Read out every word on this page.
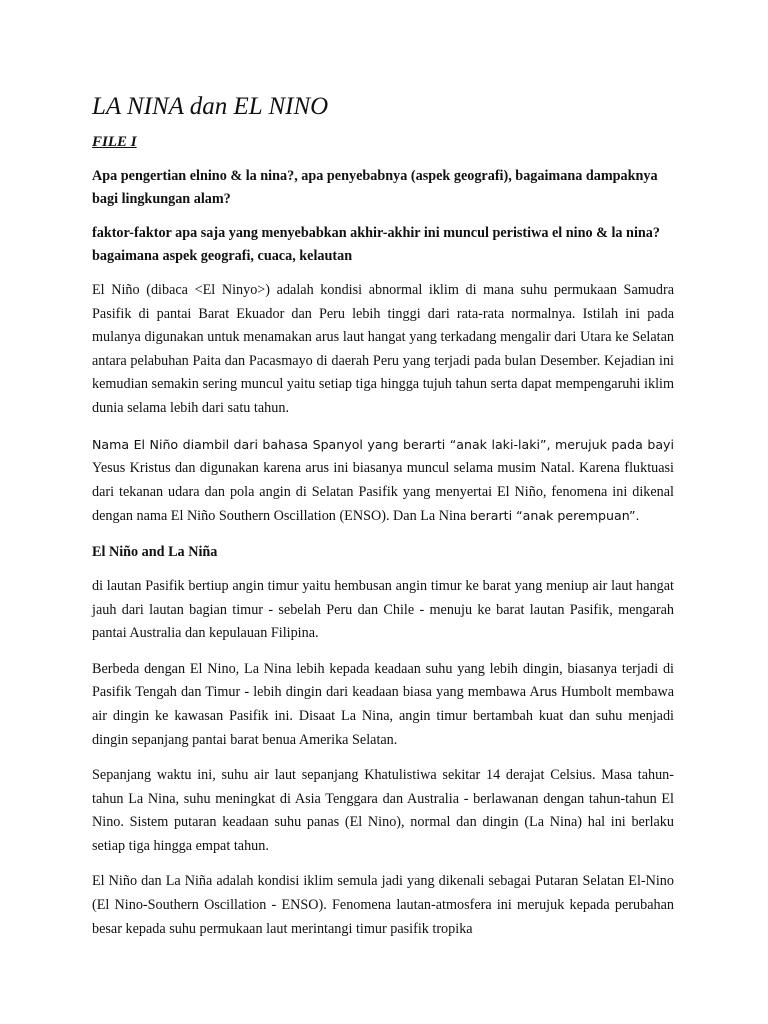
LA NINA dan EL NINO
FILE I

Apa pengertian elnino & la nina?, apa penyebabnya (aspek geografi), bagaimana dampaknya bagi lingkungan alam?

faktor-faktor apa saja yang menyebabkan akhir-akhir ini muncul peristiwa el nino & la nina? bagaimana aspek geografi, cuaca, kelautan

El Niño (dibaca <El Ninyo>) adalah kondisi abnormal iklim di mana suhu permukaan Samudra Pasifik di pantai Barat Ekuador dan Peru lebih tinggi dari rata-rata normalnya. Istilah ini pada mulanya digunakan untuk menamakan arus laut hangat yang terkadang mengalir dari Utara ke Selatan antara pelabuhan Paita dan Pacasmayo di daerah Peru yang terjadi pada bulan Desember. Kejadian ini kemudian semakin sering muncul yaitu setiap tiga hingga tujuh tahun serta dapat mempengaruhi iklim dunia selama lebih dari satu tahun.

Nama El Niño diambil dari bahasa Spanyol yang berarti “anak laki-laki”, merujuk pada bayi Yesus Kristus dan digunakan karena arus ini biasanya muncul selama musim Natal. Karena fluktuasi dari tekanan udara dan pola angin di Selatan Pasifik yang menyertai El Niño, fenomena ini dikenal dengan nama El Niño Southern Oscillation (ENSO). Dan La Nina berarti “anak perempuan”.

El Niño and La Niña

di lautan Pasifik bertiup angin timur yaitu hembusan angin timur ke barat yang meniup air laut hangat jauh dari lautan bagian timur - sebelah Peru dan Chile - menuju ke barat lautan Pasifik, mengarah pantai Australia dan kepulauan Filipina.

Berbeda dengan El Nino, La Nina lebih kepada keadaan suhu yang lebih dingin, biasanya terjadi di Pasifik Tengah dan Timur - lebih dingin dari keadaan biasa yang membawa Arus Humbolt membawa air dingin ke kawasan Pasifik ini. Disaat La Nina, angin timur bertambah kuat dan suhu menjadi dingin sepanjang pantai barat benua Amerika Selatan.

Sepanjang waktu ini, suhu air laut sepanjang Khatulistiwa sekitar 14 derajat Celsius. Masa tahun-tahun La Nina, suhu meningkat di Asia Tenggara dan Australia - berlawanan dengan tahun-tahun El Nino. Sistem putaran keadaan suhu panas (El Nino), normal dan dingin (La Nina) hal ini berlaku setiap tiga hingga empat tahun.

El Niño dan La Niña adalah kondisi iklim semula jadi yang dikenali sebagai Putaran Selatan El-Nino (El Nino-Southern Oscillation - ENSO). Fenomena lautan-atmosfera ini merujuk kepada perubahan besar kepada suhu permukaan laut merintangi timur pasifik tropika
